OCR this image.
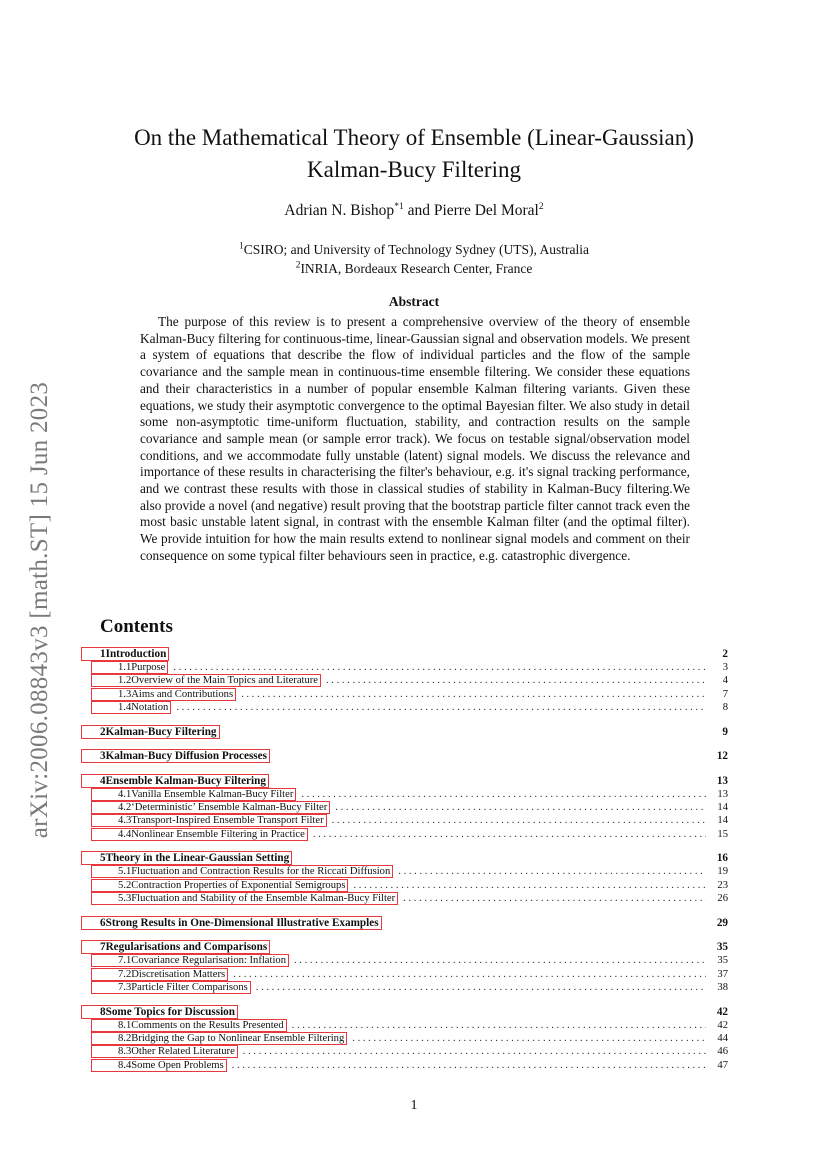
arXiv:2006.08843v3 [math.ST] 15 Jun 2023
On the Mathematical Theory of Ensemble (Linear-Gaussian)
Kalman-Bucy Filtering
Adrian N. Bishop$^{*1}$ and Pierre Del Moral$^2$
$^1$CSIRO; and University of Technology Sydney (UTS), Australia
$^2$INRIA, Bordeaux Research Center, France
Abstract
The purpose of this review is to present a comprehensive overview of the theory of ensemble Kalman-Bucy filtering for continuous-time, linear-Gaussian signal and observation models. We present a system of equations that describe the flow of individual particles and the flow of the sample covariance and the sample mean in continuous-time ensemble filtering. We consider these equations and their characteristics in a number of popular ensemble Kalman filtering variants. Given these equations, we study their asymptotic convergence to the optimal Bayesian filter. We also study in detail some non-asymptotic time-uniform fluctuation, stability, and contraction results on the sample covariance and sample mean (or sample error track). We focus on testable signal/observation model conditions, and we accommodate fully unstable (latent) signal models. We discuss the relevance and importance of these results in characterising the filter's behaviour, e.g. it's signal tracking performance, and we contrast these results with those in classical studies of stability in Kalman-Bucy filtering.We also provide a novel (and negative) result proving that the bootstrap particle filter cannot track even the most basic unstable latent signal, in contrast with the ensemble Kalman filter (and the optimal filter). We provide intuition for how the main results extend to nonlinear signal models and comment on their consequence on some typical filter behaviours seen in practice, e.g. catastrophic divergence.
Contents
1Introduction	2
1.1Purpose . . .	3
1.2Overview of the Main Topics and Literature . . .	4
1.3Aims and Contributions . . .	7
1.4Notation . . .	8
2Kalman-Bucy Filtering	9
3Kalman-Bucy Diffusion Processes	12
4Ensemble Kalman-Bucy Filtering	13
4.1Vanilla Ensemble Kalman-Bucy Filter . . .	13
4.2‘Deterministic’ Ensemble Kalman-Bucy Filter . . .	14
4.3Transport-Inspired Ensemble Transport Filter . . .	14
4.4Nonlinear Ensemble Filtering in Practice . . .	15
5Theory in the Linear-Gaussian Setting	16
5.1Fluctuation and Contraction Results for the Riccati Diffusion . . .	19
5.2Contraction Properties of Exponential Semigroups . . .	23
5.3Fluctuation and Stability of the Ensemble Kalman-Bucy Filter . . .	26
6Strong Results in One-Dimensional Illustrative Examples	29
7Regularisations and Comparisons	35
7.1Covariance Regularisation: Inflation . . .	35
7.2Discretisation Matters . . .	37
7.3Particle Filter Comparisons . . .	38
8Some Topics for Discussion	42
8.1Comments on the Results Presented . . .	42
8.2Bridging the Gap to Nonlinear Ensemble Filtering . . .	44
8.3Other Related Literature . . .	46
8.4Some Open Problems . . .	47
1
